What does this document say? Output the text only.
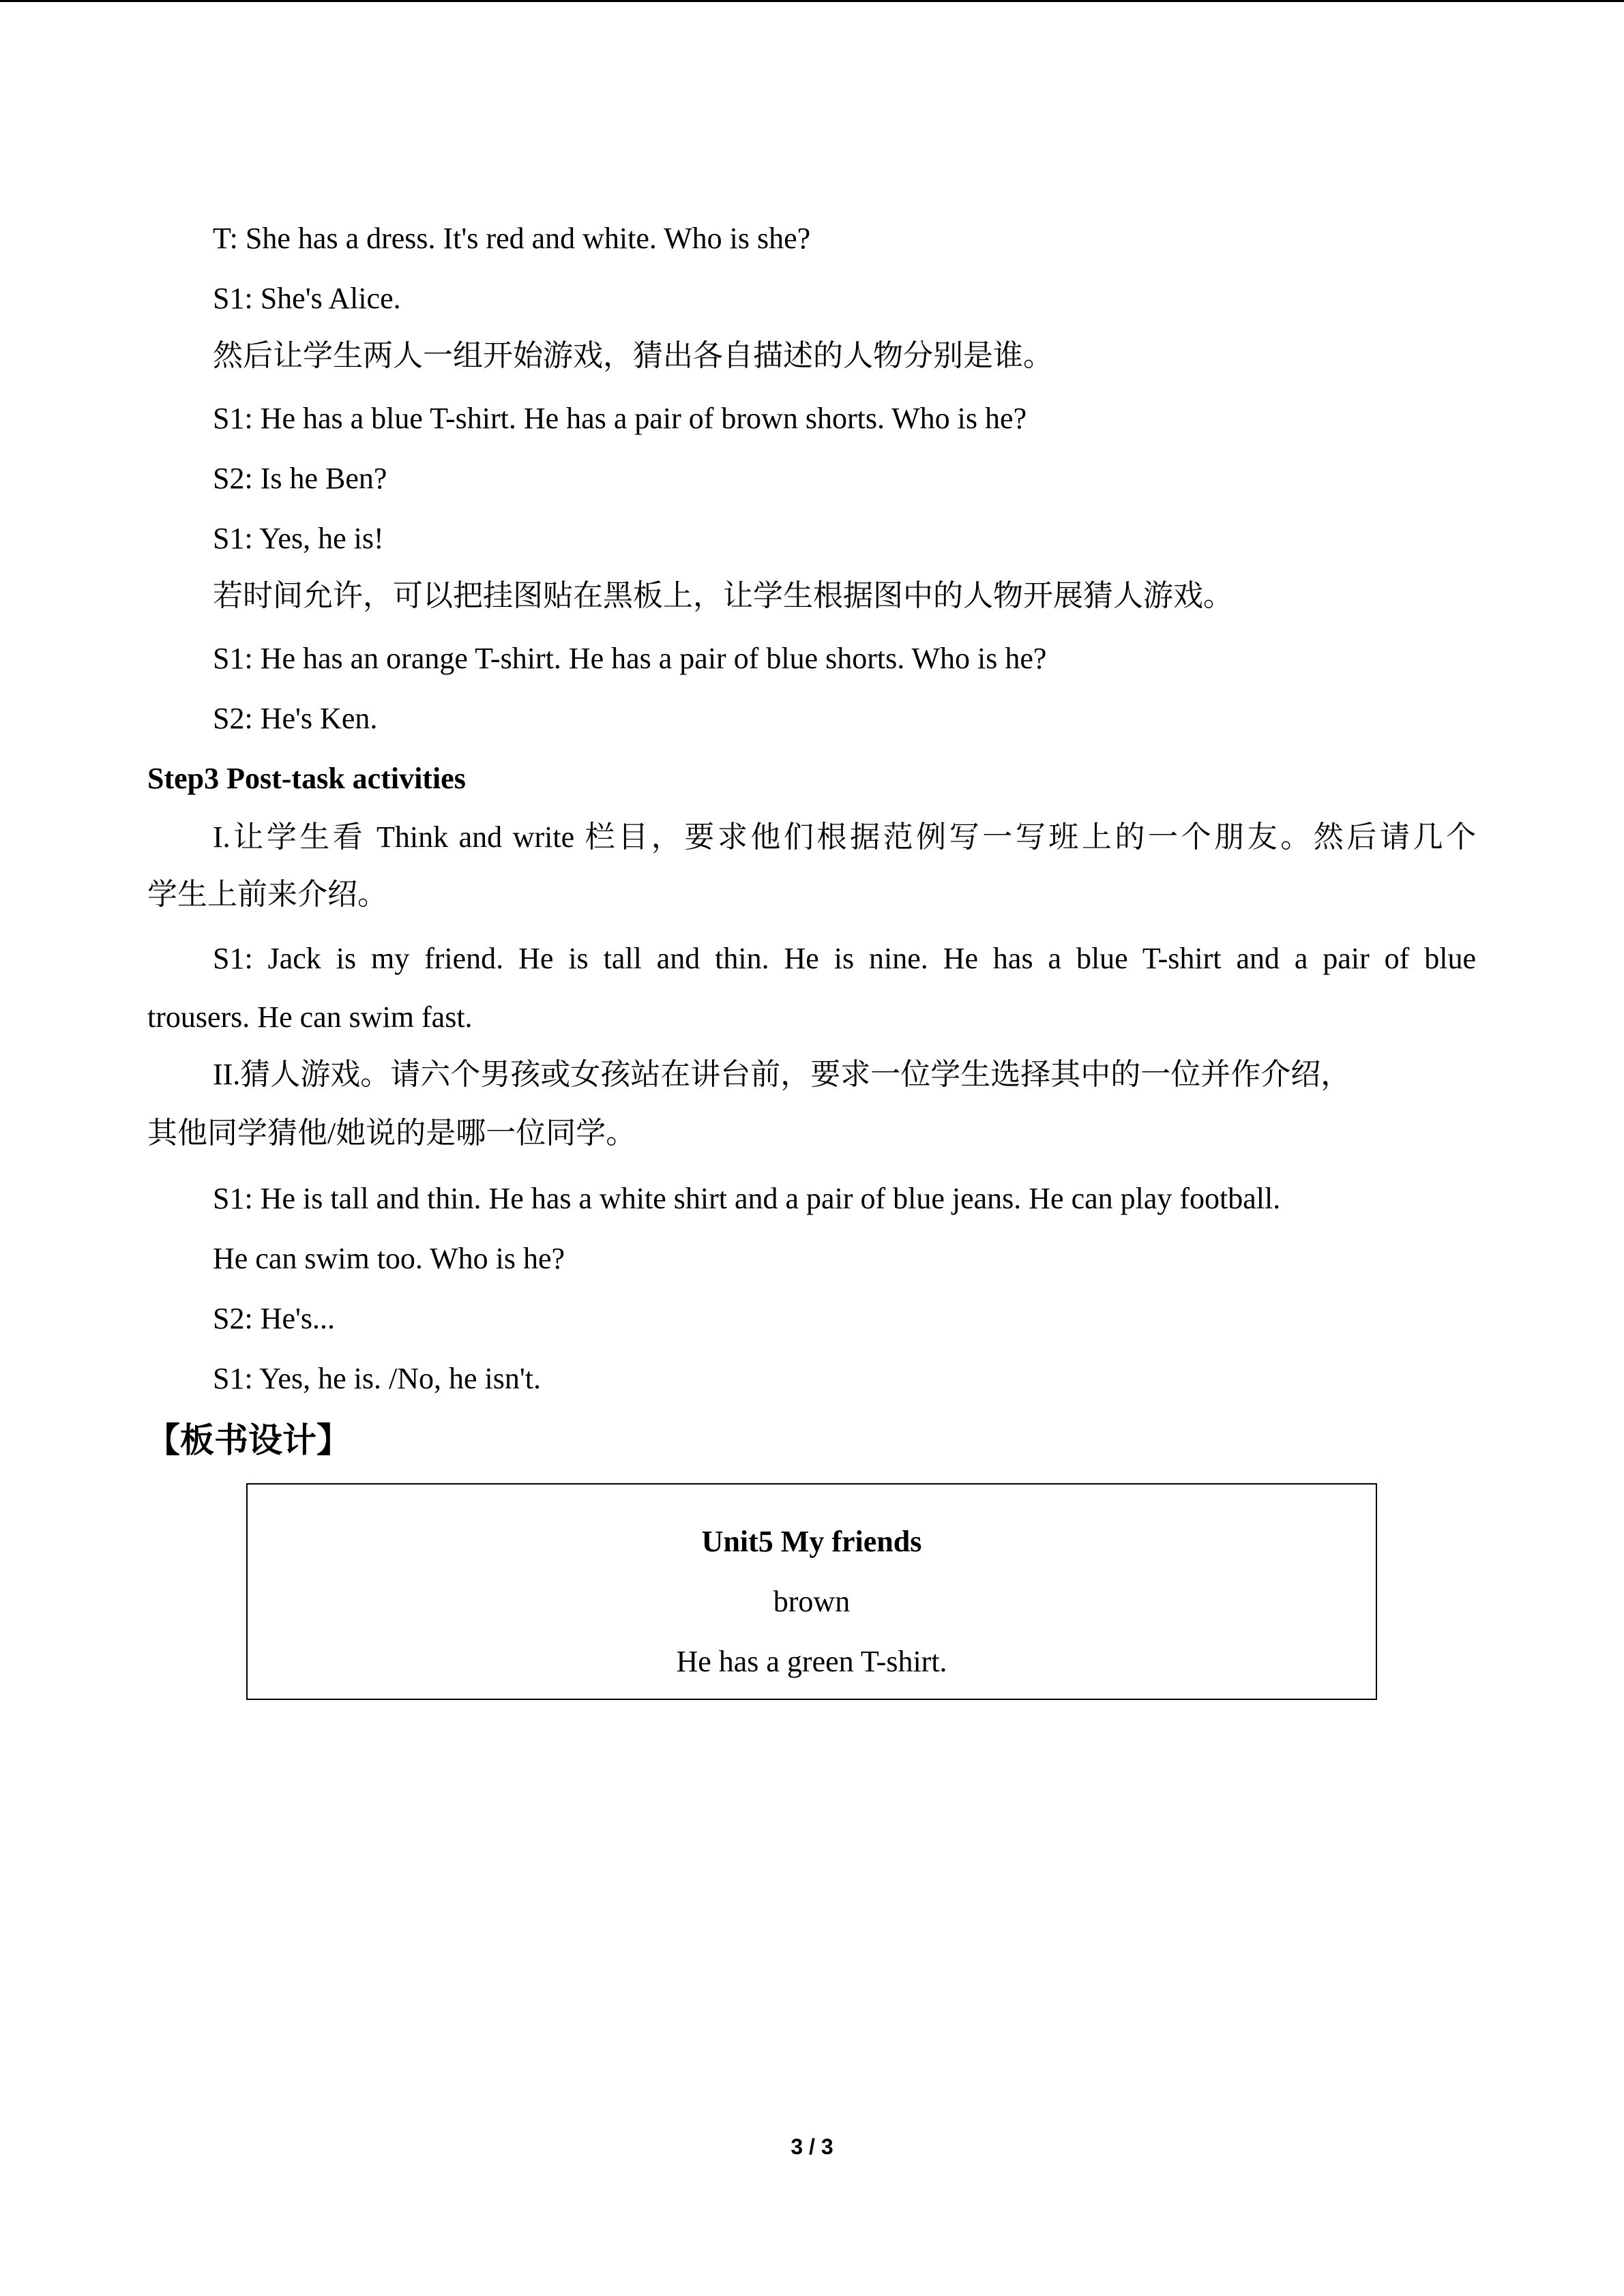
T: She has a dress. It's red and white. Who is she?
S1: She's Alice.
然后让学生两人一组开始游戏，猜出各自描述的人物分别是谁。
S1: He has a blue T-shirt. He has a pair of brown shorts. Who is he?
S2: Is he Ben?
S1: Yes, he is!
若时间允许，可以把挂图贴在黑板上，让学生根据图中的人物开展猜人游戏。
S1: He has an orange T-shirt. He has a pair of blue shorts. Who is he?
S2: He's Ken.
Step3 Post-task activities
I.让学生看 Think and write 栏目，要求他们根据范例写一写班上的一个朋友。然后请几个
学生上前来介绍。
S1: Jack is my friend. He is tall and thin. He is nine. He has a blue T-shirt and a pair of blue
trousers. He can swim fast.
II.猜人游戏。请六个男孩或女孩站在讲台前，要求一位学生选择其中的一位并作介绍，
其他同学猜他/她说的是哪一位同学。
S1: He is tall and thin. He has a white shirt and a pair of blue jeans. He can play football.
He can swim too. Who is he?
S2: He's...
S1: Yes, he is. /No, he isn't.
【板书设计】
Unit5 My friends
brown
He has a green T-shirt.
3 / 3
